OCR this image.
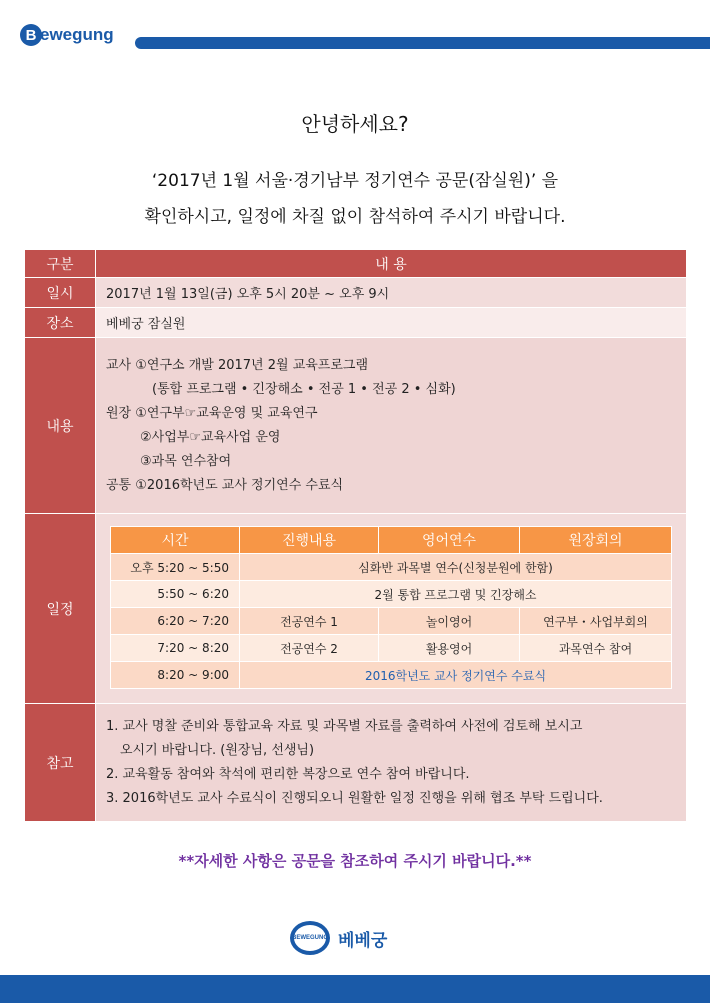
B ewegung
안녕하세요?
‘2017년 1월 서울·경기남부 정기연수 공문(잠실원)’ 을
확인하시고, 일정에 차질 없이 참석하여 주시기 바랍니다.
구분	내 용
일시	2017년 1월 13일(금) 오후 5시 20분 ~ 오후 9시
장소	베베궁 잠실원
내용	
교사 ①연구소 개발 2017년 2월 교육프로그램
(통합 프로그램 • 긴장해소 • 전공 1 • 전공 2 • 심화)
원장 ①연구부☞교육운영 및 교육연구
②사업부☞교육사업 운영
③과목 연수참여
공통 ①2016학년도 교사 정기연수 수료식

일정	
시간	진행내용	영어연수	원장회의
오후 5:20 ~ 5:50	심화반 과목별 연수(신청분원에 한함)
5:50 ~ 6:20	2월 통합 프로그램 및 긴장해소
6:20 ~ 7:20	전공연수 1	놀이영어	연구부・사업부회의
7:20 ~ 8:20	전공연수 2	활용영어	과목연수 참여
8:20 ~ 9:00	2016학년도 교사 정기연수 수료식

참고	
1. 교사 명찰 준비와 통합교육 자료 및 과목별 자료를 출력하여 사전에 검토해 보시고
오시기 바랍니다. (원장님, 선생님)
2. 교육활동 참여와 착석에 편리한 복장으로 연수 참여 바랍니다.
3. 2016학년도 교사 수료식이 진행되오니 원활한 일정 진행을 위해 협조 부탁 드립니다.
**자세한 사항은 공문을 참조하여 주시기 바랍니다.**
BEWEGUNG 베베궁
